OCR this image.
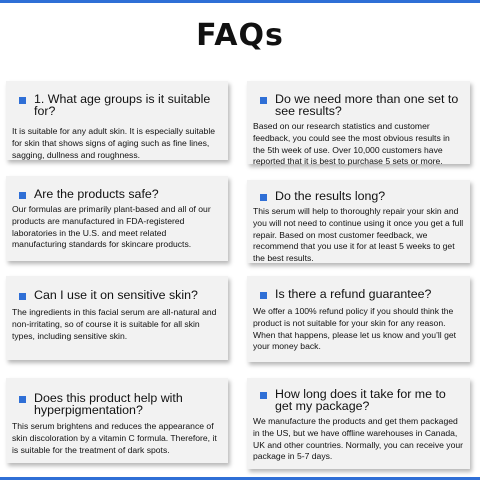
FAQs
1. What age groups is it suitable for?
It is suitable for any adult skin. It is especially suitable for skin that shows signs of aging such as fine lines, sagging, dullness and roughness.
Do we need more than one set to see results?
Based on our research statistics and customer feedback, you could see the most obvious results in the 5th week of use. Over 10,000 customers have reported that it is best to purchase 5 sets or more.
Are the products safe?
Our formulas are primarily plant-based and all of our products are manufactured in FDA-registered laboratories in the U.S. and meet related manufacturing standards for skincare products.
Do the results long?
This serum will help to thoroughly repair your skin and you will not need to continue using it once you get a full repair. Based on most customer feedback, we recommend that you use it for at least 5 weeks to get the best results.
Can I use it on sensitive skin?
The ingredients in this facial serum are all-natural and non-irritating, so of course it is suitable for all skin types, including sensitive skin.
Is there a refund guarantee?
We offer a 100% refund policy if you should think the product is not suitable for your skin for any reason. When that happens, please let us know and you’ll get your money back.
Does this product help with hyperpigmentation?
This serum brightens and reduces the appearance of skin discoloration by a vitamin C formula. Therefore, it is suitable for the treatment of dark spots.
How long does it take for me to get my package?
We manufacture the products and get them packaged in the US, but we have offline warehouses in Canada, UK and other countries. Normally, you can receive your package in 5-7 days.
